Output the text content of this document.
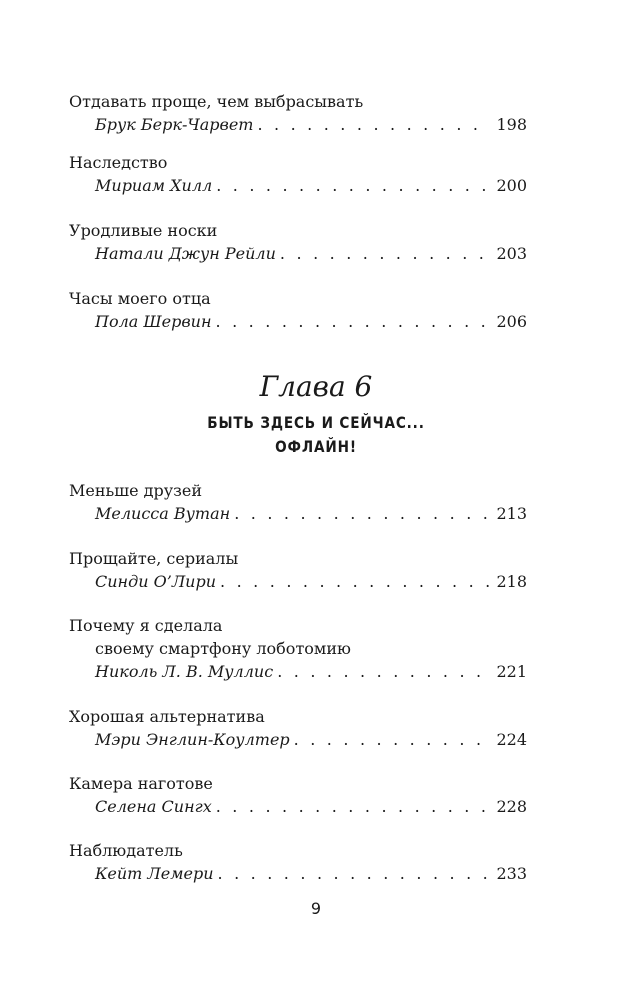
Отдавать проще, чем выбрасывать
Брук Берк-Чарвет . . .	198
Наследство
Мириам Хилл . . .	200
Уродливые носки
Натали Джун Рейли . . .	203
Часы моего отца
Пола Шервин . . .	206
Глава 6
БЫТЬ ЗДЕСЬ И СЕЙЧАС...
ОФЛАЙН!
Меньше друзей
Мелисса Вутан . . .	213
Прощайте, сериалы
Синди О’Лири . . .	218
Почему я сделала
своему смартфону лоботомию
Николь Л. В. Муллис . . .	221
Хорошая альтернатива
Мэри Энглин-Коултер . . .	224
Камера наготове
Селена Сингх . . .	228
Наблюдатель
Кейт Лемери . . .	233
9
